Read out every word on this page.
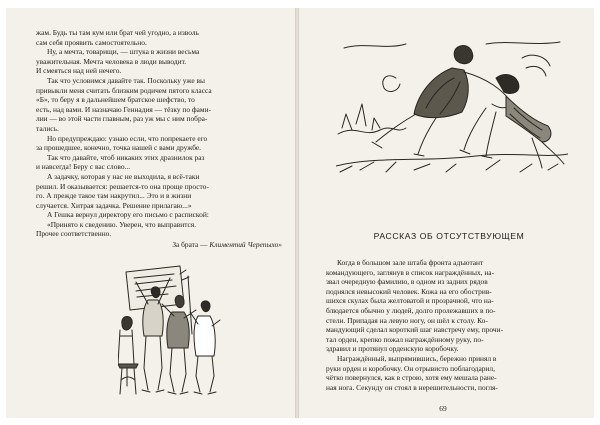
жам. Будь ты там кум или брат чей угодно, а изволь

сам себя проявить самостоятельно.

Ну, а мечта, товарищи, — штука в жизни весьма

уважительная. Мечта человека в люди выводит.

И смеяться над ней нечего.

Так что условимся давайте так. Поскольку уже вы

привыкли меня считать близким родичем пятого класса

«Б», то беру я в дальнейшем братское шефство, то

есть, над вами. И назначаю Геннадия — тёзку по фами-

лии — во этой части главным, раз уж мы с ним побра-

тались.

Но предупреждаю: узнаю если, что попрекаете его

за прошедшее, конечно, точка нашей с вами дружбе.

Так что давайте, чтоб никаких этих дразнилок раз

и навсегда! Беру с вас слово...

А задачку, которая у нас не выходила, я всё-таки

решил. И оказывается: решается-то она проще просто-

го. А прежде такое там накрутил... Это и в жизни

случается. Хитрая задачка. Решение прилагаю...»

А Гешка вернул директору его письмо с распиской:

«Принято к сведению. Уверен, что выправится.

Прочее соответственно.

За брата — Климентий Черепыхо»
РАССКАЗ ОБ ОТСУТСТВУЮЩЕМ

Когда в большом зале штаба фронта адъютант

командующего, заглянув в список награждённых, на-

звал очередную фамилию, в одном из задних рядов

поднялся невысокий человек. Кожа на его обострив-

шихся скулах была желтоватой и прозрачной, что на-

блюдается обычно у людей, долго пролежавших в по-

стели. Припадая на левую ногу, он шёл к столу. Ко-

мандующий сделал короткий шаг навстречу ему, прочи-

тал орден, крепко пожал награждённому руку, по-

здравил и протянул орденскую коробочку.

Награждённый, выпрямившись, бережно принял в

руки орден и коробочку. Он отрывисто поблагодарил,

чётко повернулся, как в строю, хотя ему мешала ране-

ная нога. Секунду он стоял в нерешительности, погля-

69
